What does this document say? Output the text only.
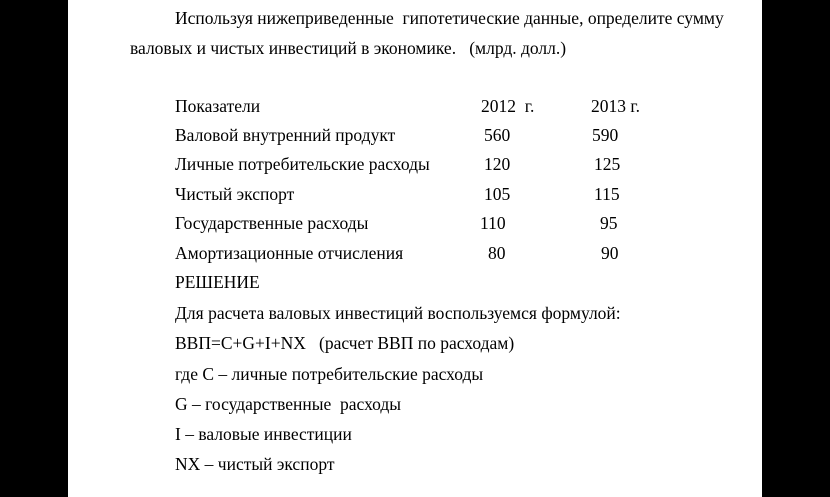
Используя нижеприведенные  гипотетические данные, определите сумму
валовых и чистых инвестиций в экономике.   (млрд. долл.)
Показатели	2012  г.	2013 г.
Валовой внутренний продукт	560	590
Личные потребительские расходы	120	125
Чистый экспорт	105	115
Государственные расходы	110	95
Амортизационные отчисления	80	90
РЕШЕНИЕ
Для расчета валовых инвестиций воспользуемся формулой:
ВВП=C+G+I+NX   (расчет ВВП по расходам)
где C – личные потребительские расходы
G – государственные  расходы
I – валовые инвестиции
NX – чистый экспорт
